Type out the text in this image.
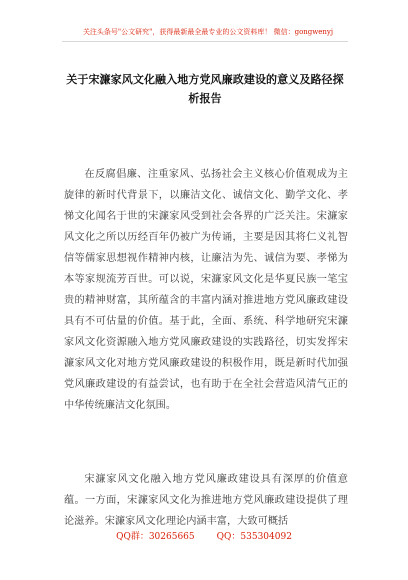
关注头条号"公文研究"，获得最新最全最专业的公文资料库！ 微信：gongwenyj
关于宋濂家风文化融入地方党风廉政建设的意义及路径探析报告

在反腐倡廉、注重家风、弘扬社会主义核心价值观成为主旋律的新时代背景下，以廉洁文化、诚信文化、勤学文化、孝悌文化闻名于世的宋濂家风受到社会各界的广泛关注。宋濂家风文化之所以历经百年仍被广为传诵，主要是因其将仁义礼智信等儒家思想视作精神内核，让廉洁为先、诚信为要、孝悌为本等家规流芳百世。可以说，宋濂家风文化是华夏民族一笔宝贵的精神财富，其所蕴含的丰富内涵对推进地方党风廉政建设具有不可估量的价值。基于此，全面、系统、科学地研究宋濂家风文化资源融入地方党风廉政建设的实践路径，切实发挥宋濂家风文化对地方党风廉政建设的积极作用，既是新时代加强党风廉政建设的有益尝试，也有助于在全社会营造风清气正的中华传统廉洁文化氛围。

宋濂家风文化融入地方党风廉政建设具有深厚的价值意蕴。一方面，宋濂家风文化为推进地方党风廉政建设提供了理论滋养。宋濂家风文化理论内涵丰富，大致可概括

QQ群：30265665 QQ：535304092
